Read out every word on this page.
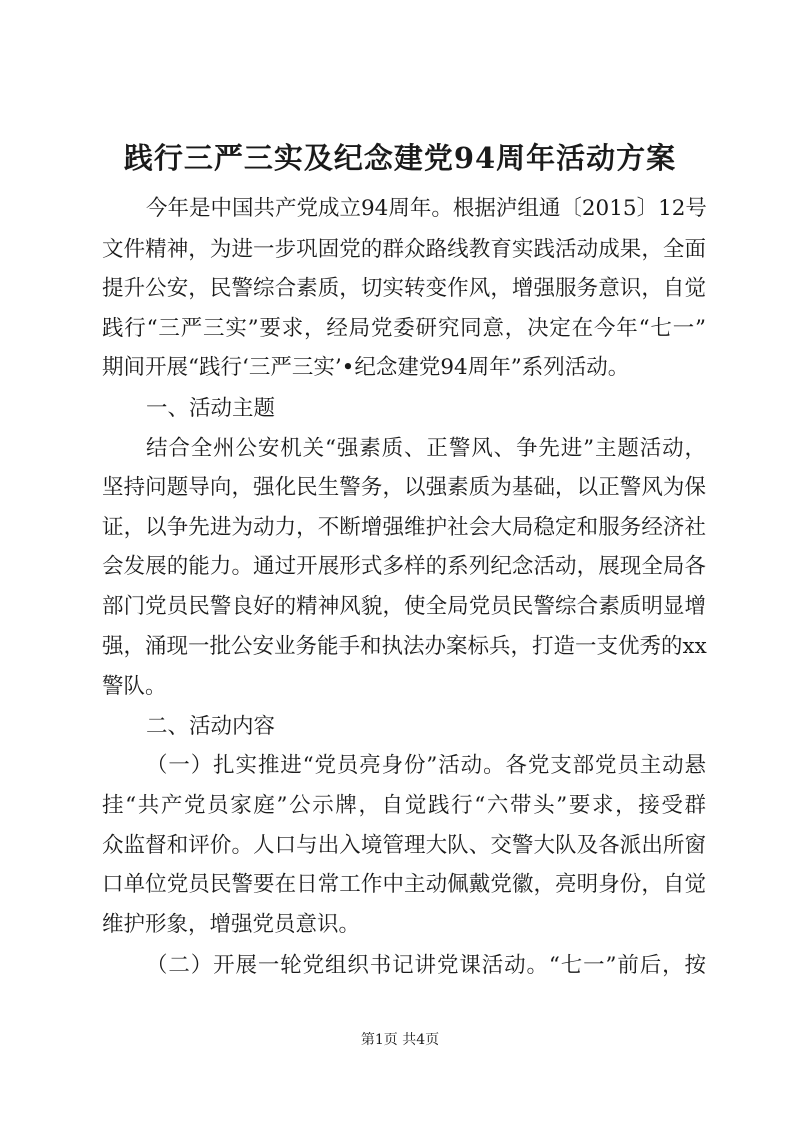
践行三严三实及纪念建党94周年活动方案
今年是中国共产党成立94周年。根据泸组通〔2015〕12号
文件精神，为进一步巩固党的群众路线教育实践活动成果，全面
提升公安，民警综合素质，切实转变作风，增强服务意识，自觉
践行“三严三实”要求，经局党委研究同意，决定在今年“七一”
期间开展“践行‘三严三实’•纪念建党94周年”系列活动。
一、活动主题
结合全州公安机关“强素质、正警风、争先进”主题活动，
坚持问题导向，强化民生警务，以强素质为基础，以正警风为保
证，以争先进为动力，不断增强维护社会大局稳定和服务经济社
会发展的能力。通过开展形式多样的系列纪念活动，展现全局各
部门党员民警良好的精神风貌，使全局党员民警综合素质明显增
强，涌现一批公安业务能手和执法办案标兵，打造一支优秀的xx
警队。
二、活动内容
（一）扎实推进“党员亮身份”活动。各党支部党员主动悬
挂“共产党员家庭”公示牌，自觉践行“六带头”要求，接受群
众监督和评价。人口与出入境管理大队、交警大队及各派出所窗
口单位党员民警要在日常工作中主动佩戴党徽，亮明身份，自觉
维护形象，增强党员意识。
（二）开展一轮党组织书记讲党课活动。“七一”前后，按
第1页 共4页
